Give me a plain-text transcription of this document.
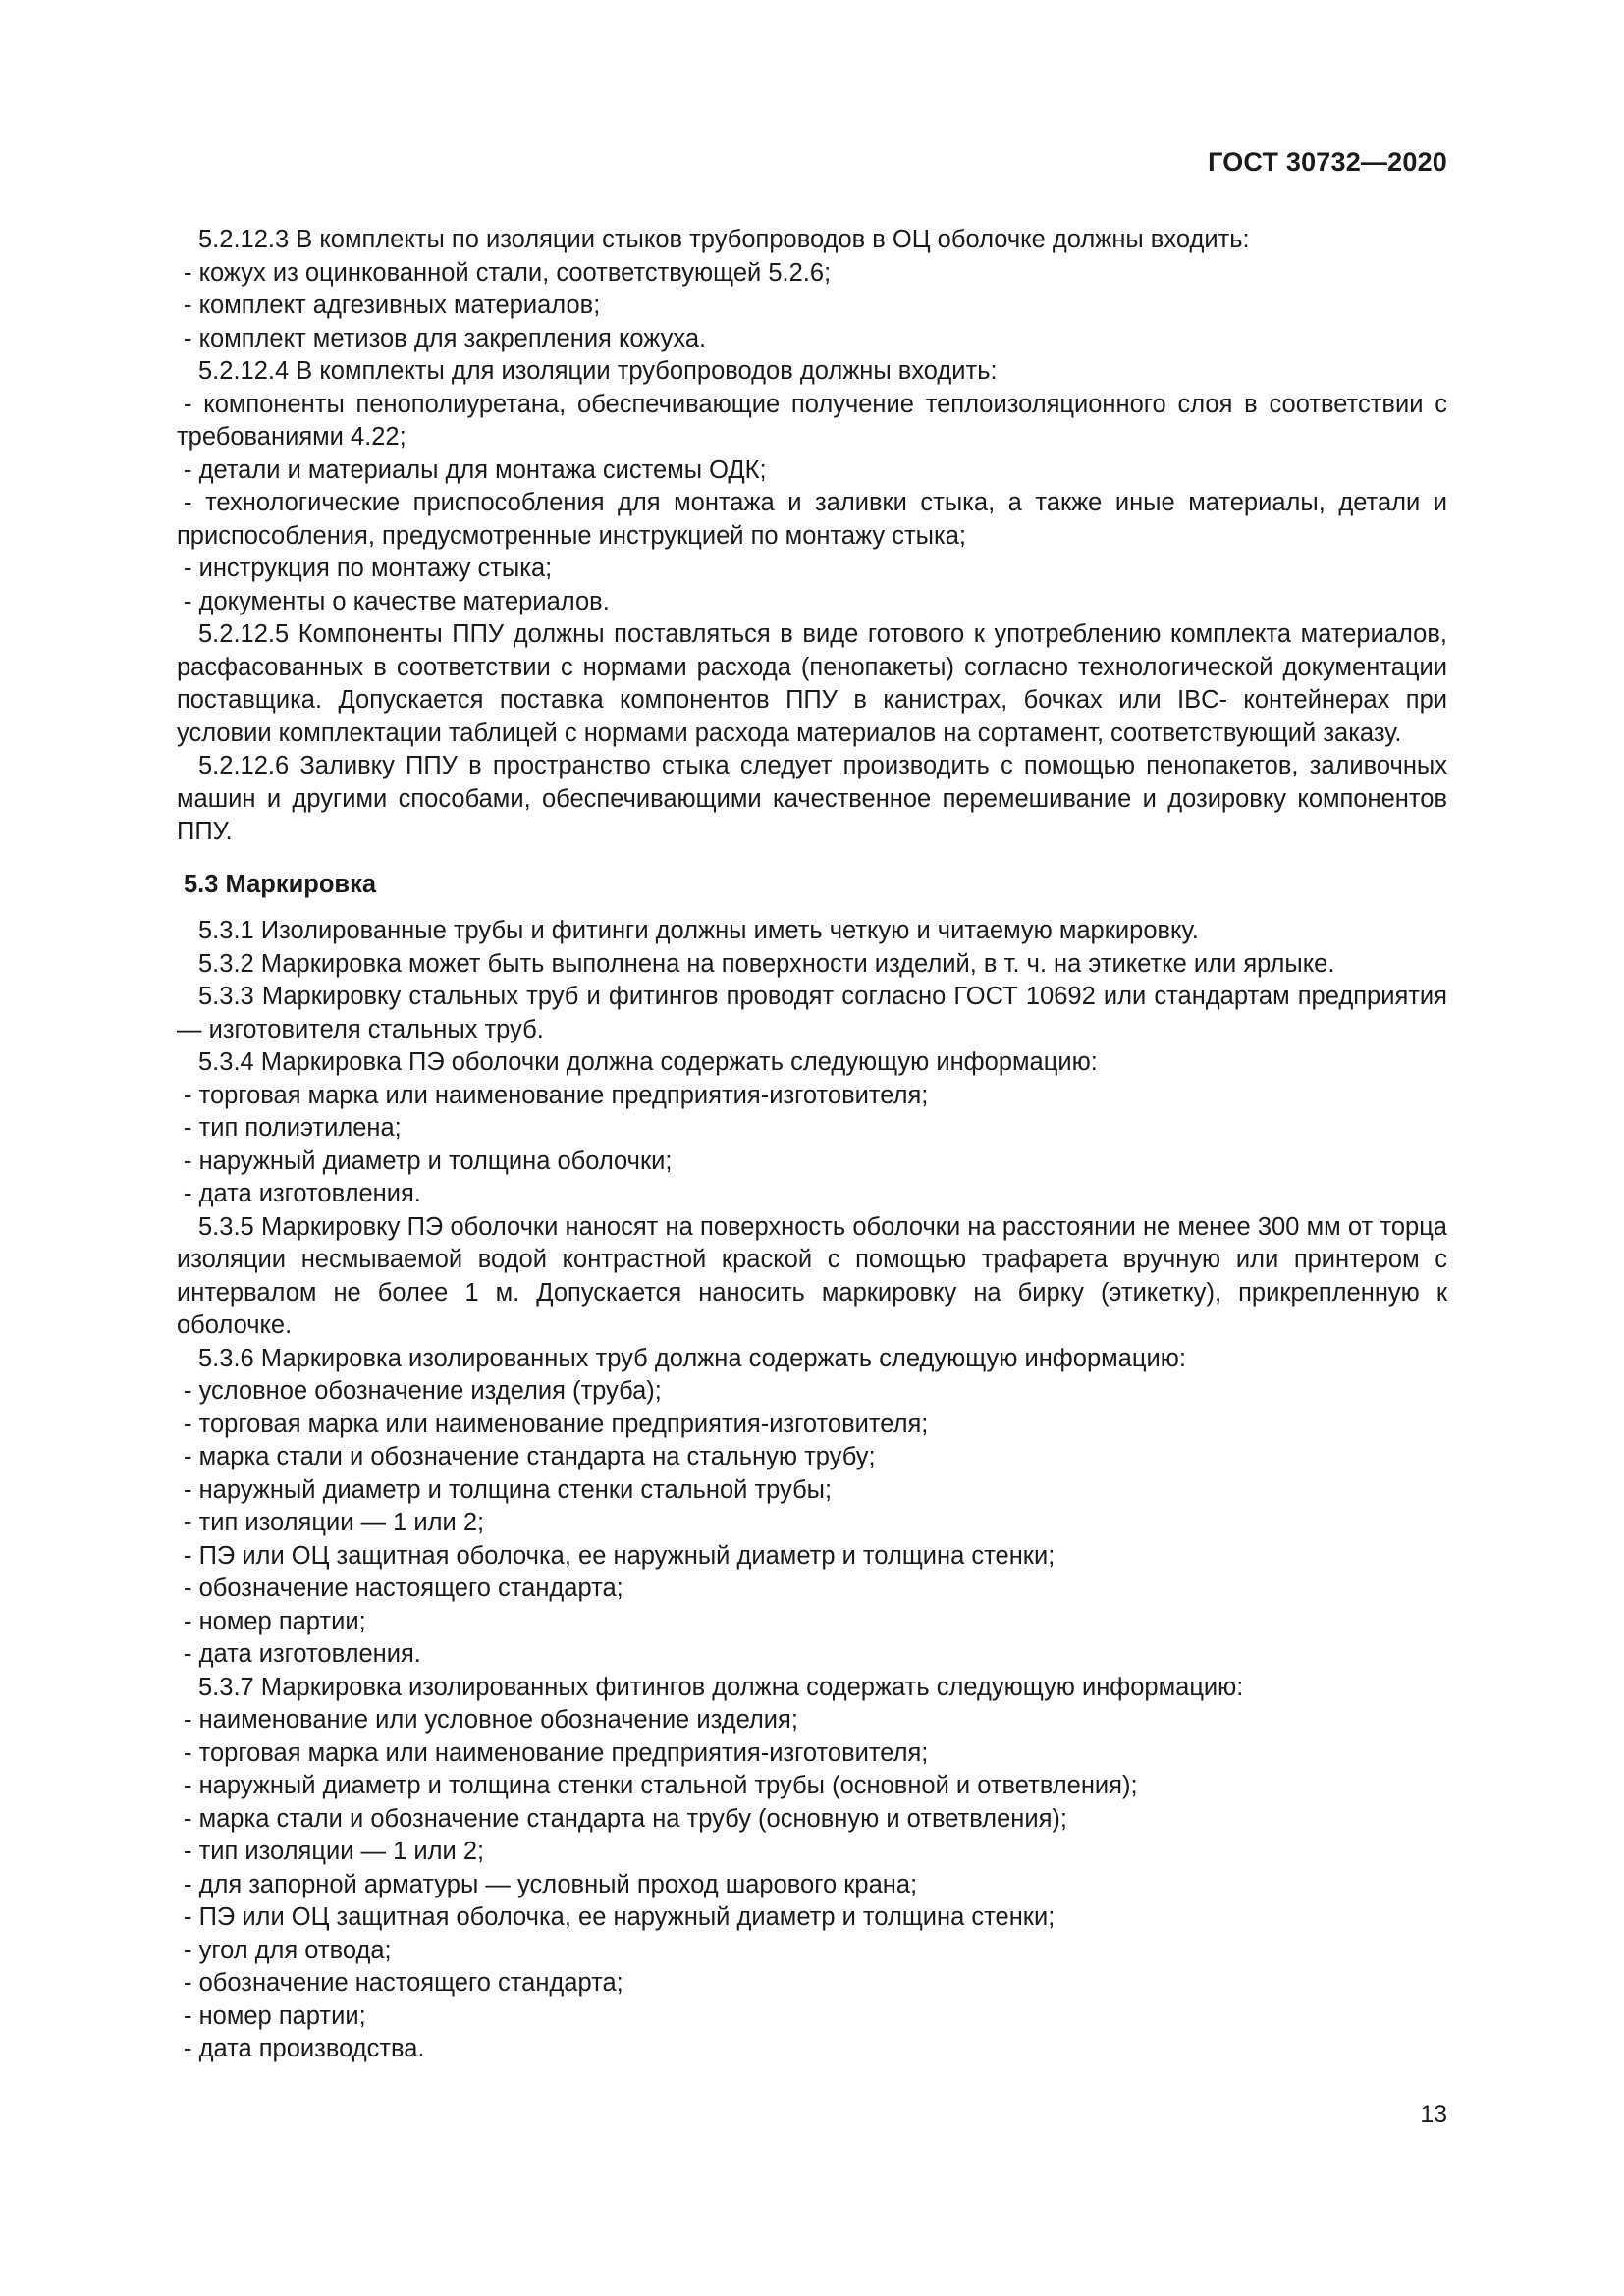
ГОСТ 30732—2020

5.2.12.3 В комплекты по изоляции стыков трубопроводов в ОЦ оболочке должны входить:

- кожух из оцинкованной стали, соответствующей 5.2.6;

- комплект адгезивных материалов;

- комплект метизов для закрепления кожуха.

5.2.12.4 В комплекты для изоляции трубопроводов должны входить:

- компоненты пенополиуретана, обеспечивающие получение теплоизоляционного слоя в соответствии с требованиями 4.22;

- детали и материалы для монтажа системы ОДК;

- технологические приспособления для монтажа и заливки стыка, а также иные материалы, детали и приспособления, предусмотренные инструкцией по монтажу стыка;

- инструкция по монтажу стыка;

- документы о качестве материалов.

5.2.12.5 Компоненты ППУ должны поставляться в виде готового к употреблению комплекта материалов, расфасованных в соответствии с нормами расхода (пенопакеты) согласно технологической документации поставщика. Допускается поставка компонентов ППУ в канистрах, бочках или IBC- контейнерах при условии комплектации таблицей с нормами расхода материалов на сортамент, соответствующий заказу.

5.2.12.6 Заливку ППУ в пространство стыка следует производить с помощью пенопакетов, заливочных машин и другими способами, обеспечивающими качественное перемешивание и дозировку компонентов ППУ.

5.3 Маркировка

5.3.1 Изолированные трубы и фитинги должны иметь четкую и читаемую маркировку.

5.3.2 Маркировка может быть выполнена на поверхности изделий, в т. ч. на этикетке или ярлыке.

5.3.3 Маркировку стальных труб и фитингов проводят согласно ГОСТ 10692 или стандартам предприятия — изготовителя стальных труб.

5.3.4 Маркировка ПЭ оболочки должна содержать следующую информацию:

- торговая марка или наименование предприятия-изготовителя;

- тип полиэтилена;

- наружный диаметр и толщина оболочки;

- дата изготовления.

5.3.5 Маркировку ПЭ оболочки наносят на поверхность оболочки на расстоянии не менее 300 мм от торца изоляции несмываемой водой контрастной краской с помощью трафарета вручную или принтером с интервалом не более 1 м. Допускается наносить маркировку на бирку (этикетку), прикрепленную к оболочке.

5.3.6 Маркировка изолированных труб должна содержать следующую информацию:

- условное обозначение изделия (труба);

- торговая марка или наименование предприятия-изготовителя;

- марка стали и обозначение стандарта на стальную трубу;

- наружный диаметр и толщина стенки стальной трубы;

- тип изоляции — 1 или 2;

- ПЭ или ОЦ защитная оболочка, ее наружный диаметр и толщина стенки;

- обозначение настоящего стандарта;

- номер партии;

- дата изготовления.

5.3.7 Маркировка изолированных фитингов должна содержать следующую информацию:

- наименование или условное обозначение изделия;

- торговая марка или наименование предприятия-изготовителя;

- наружный диаметр и толщина стенки стальной трубы (основной и ответвления);

- марка стали и обозначение стандарта на трубу (основную и ответвления);

- тип изоляции — 1 или 2;

- для запорной арматуры — условный проход шарового крана;

- ПЭ или ОЦ защитная оболочка, ее наружный диаметр и толщина стенки;

- угол для отвода;

- обозначение настоящего стандарта;

- номер партии;

- дата производства.

13
